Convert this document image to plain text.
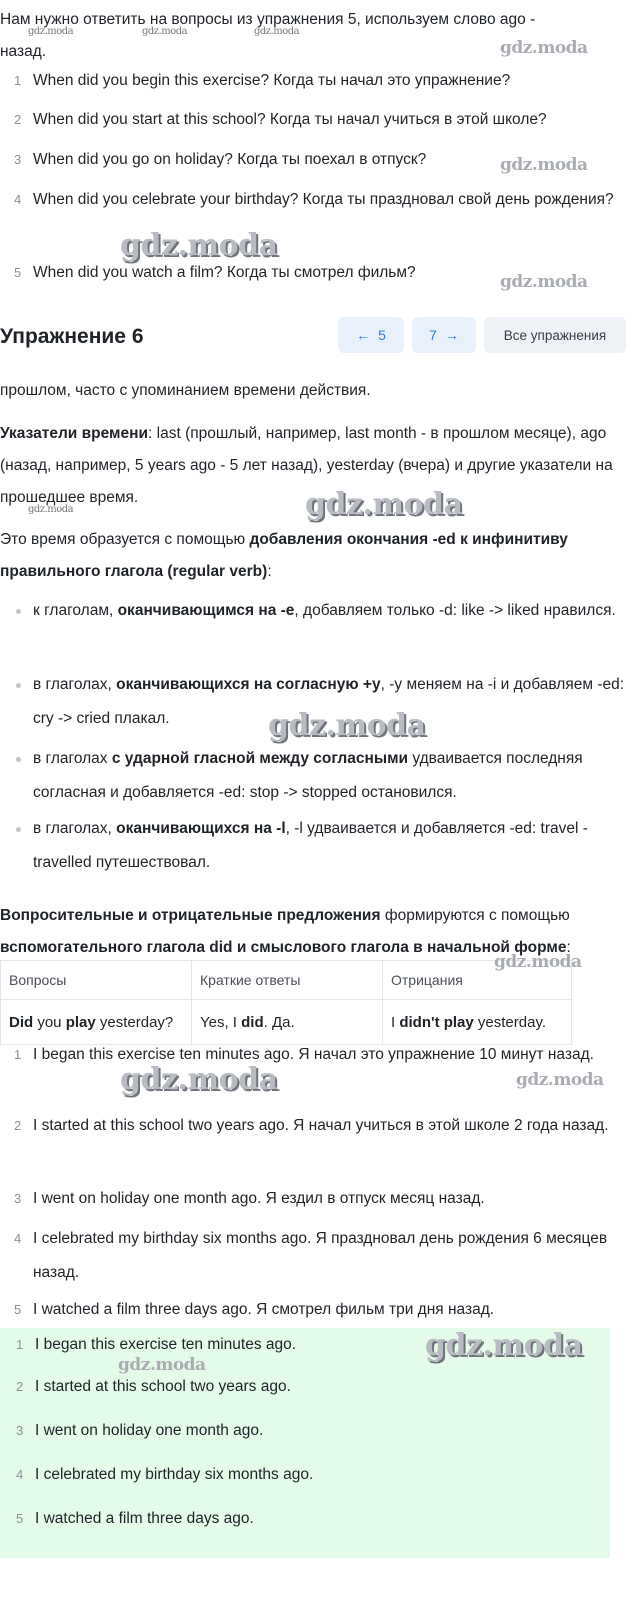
Нам нужно ответить на вопросы из упражнения 5, используем слово ago -

назад.

1 When did you begin this exercise? Когда ты начал это упражнение?
2 When did you start at this school? Когда ты начал учиться в этой школе?
3 When did you go on holiday? Когда ты поехал в отпуск?
4 When did you celebrate your birthday? Когда ты праздновал свой день рождения?
5 When did you watch a film? Когда ты смотрел фильм?
Упражнение 6	← 5	7 →	Все упражнения

прошлом, часто с упоминанием времени действия.

Указатели времени: last (прошлый, например, last month - в прошлом месяце), ago (назад, например, 5 years ago - 5 лет назад), yesterday (вчера) и другие указатели на прошедшее время.

Это время образуется с помощью добавления окончания -ed к инфинитиву правильного глагола (regular verb):

к глаголам, оканчивающимся на -e, добавляем только -d: like -> liked нравился.
в глаголах, оканчивающихся на согласную +y, -y меняем на -i и добавляем -ed: cry -> cried плакал.
в глаголах с ударной гласной между согласными удваивается последняя согласная и добавляется -ed: stop -> stopped остановился.
в глаголах, оканчивающихся на -l, -l удваивается и добавляется -ed: travel - travelled путешествовал.

Вопросительные и отрицательные предложения формируются с помощью вспомогательного глагола did и смыслового глагола в начальной форме:

Вопросы	Краткие ответы	Отрицания
Did you play yesterday?	Yes, I did. Да.	I didn't play yesterday.
1 I began this exercise ten minutes ago. Я начал это упражнение 10 минут назад.
2 I started at this school two years ago. Я начал учиться в этой школе 2 года назад.
3 I went on holiday one month ago. Я ездил в отпуск месяц назад.
4 I celebrated my birthday six months ago. Я праздновал день рождения 6 месяцев назад.
5 I watched a film three days ago. Я смотрел фильм три дня назад.
1 I began this exercise ten minutes ago.
2 I started at this school two years ago.
3 I went on holiday one month ago.
4 I celebrated my birthday six months ago.
5 I watched a film three days ago.
gdz.moda	gdz.moda	gdz.moda
gdz.moda
gdz.moda
gdz.moda
gdz.moda
gdz.moda	gdz.moda
gdz.moda
gdz.moda
gdz.moda	gdz.moda
gdz.moda
gdz.moda
